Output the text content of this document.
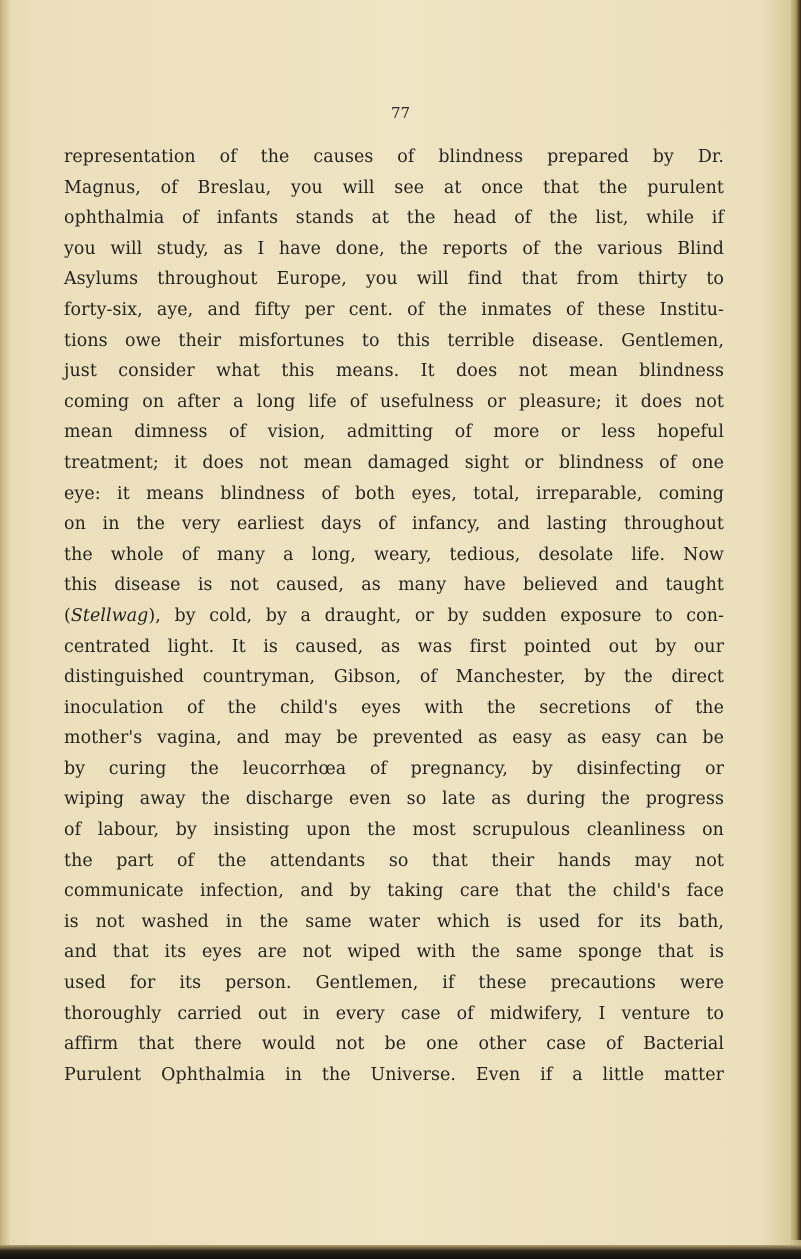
77
representation of the causes of blindness prepared by Dr.
Magnus, of Breslau, you will see at once that the purulent
ophthalmia of infants stands at the head of the list, while if
you will study, as I have done, the reports of the various Blind
Asylums throughout Europe, you will find that from thirty to
forty-six, aye, and fifty per cent. of the inmates of these Institu-
tions owe their misfortunes to this terrible disease. Gentlemen,
just consider what this means. It does not mean blindness
coming on after a long life of usefulness or pleasure; it does not
mean dimness of vision, admitting of more or less hopeful
treatment; it does not mean damaged sight or blindness of one
eye: it means blindness of both eyes, total, irreparable, coming
on in the very earliest days of infancy, and lasting throughout
the whole of many a long, weary, tedious, desolate life. Now
this disease is not caused, as many have believed and taught
(Stellwag), by cold, by a draught, or by sudden exposure to con-
centrated light. It is caused, as was first pointed out by our
distinguished countryman, Gibson, of Manchester, by the direct
inoculation of the child's eyes with the secretions of the
mother's vagina, and may be prevented as easy as easy can be
by curing the leucorrhœa of pregnancy, by disinfecting or
wiping away the discharge even so late as during the progress
of labour, by insisting upon the most scrupulous cleanliness on
the part of the attendants so that their hands may not
communicate infection, and by taking care that the child's face
is not washed in the same water which is used for its bath,
and that its eyes are not wiped with the same sponge that is
used for its person. Gentlemen, if these precautions were
thoroughly carried out in every case of midwifery, I venture to
affirm that there would not be one other case of Bacterial
Purulent Ophthalmia in the Universe. Even if a little matter
